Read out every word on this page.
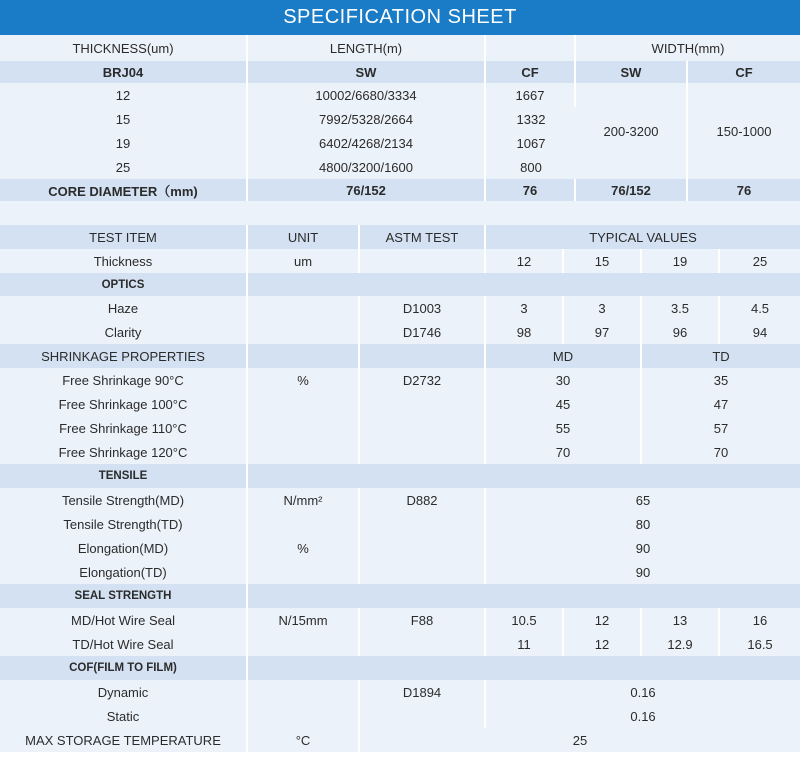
SPECIFICATION SHEET
THICKNESS(um)	LENGTH(m)		WIDTH(mm)	
BRJ04	SW	CF	SW	CF
12	10002/6680/3334	1667	200-3200	150-1000
15	7992/5328/2664	1332		
19	6402/4268/2134	1067		
25	4800/3200/1600	800		
CORE DIAMETER（mm)	76/152	76	76/152	76

TEST ITEM	UNIT	ASTM TEST	TYPICAL VALUES			
Thickness	um		12	15	19	25
OPTICS						
Haze		D1003	3	3	3.5	4.5
Clarity		D1746	98	97	96	94
SHRINKAGE PROPERTIES			MD		TD	
Free Shrinkage 90°C	%	D2732	30		35	
Free Shrinkage 100°C			45		47	
Free Shrinkage 110°C			55		57	
Free Shrinkage 120°C			70		70	
TENSILE						
Tensile Strength(MD)	N/mm²	D882	65			
Tensile Strength(TD)			80			
Elongation(MD)	%		90			
Elongation(TD)			90			
SEAL STRENGTH						
MD/Hot Wire Seal	N/15mm	F88	10.5	12	13	16
TD/Hot Wire Seal			11	12	12.9	16.5
COF(FILM TO FILM)						
Dynamic		D1894	0.16			
Static			0.16			
MAX STORAGE TEMPERATURE	°C	25				
